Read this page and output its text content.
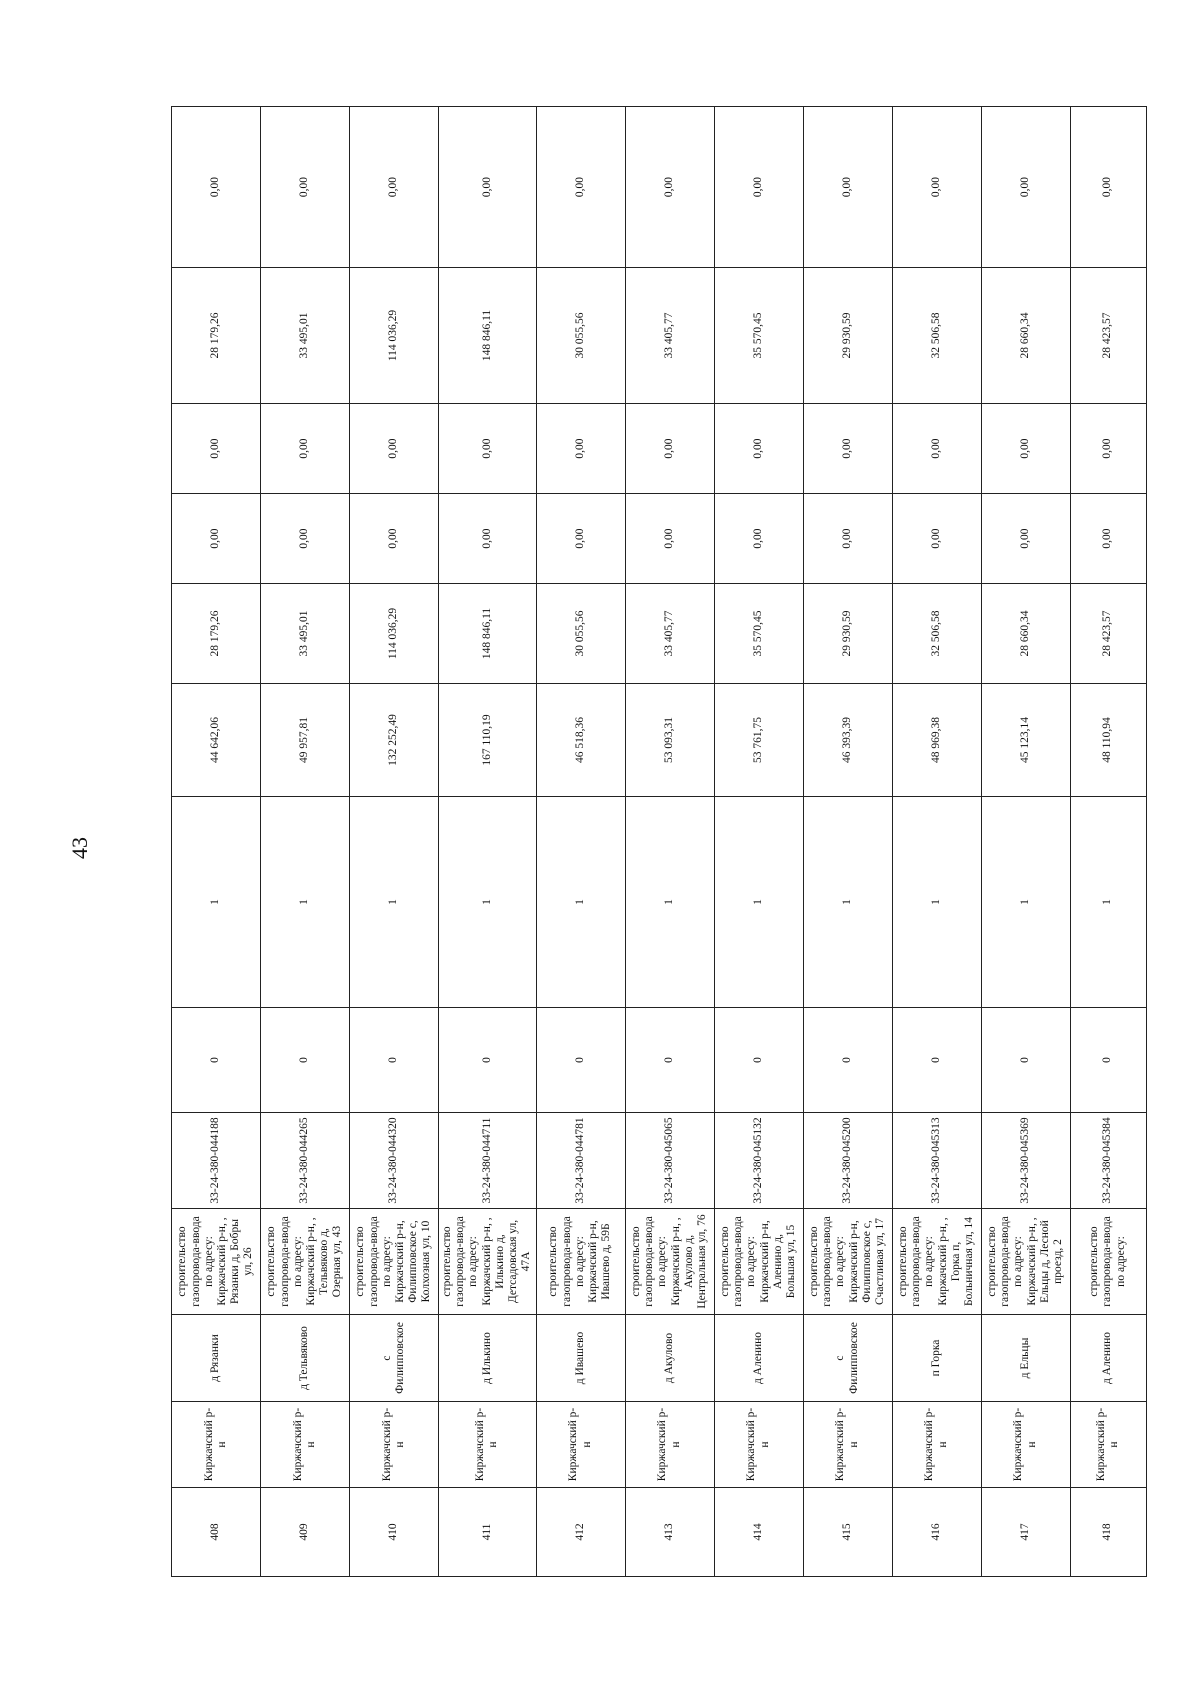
43
408	Киржачский р-н	д Рязанки	строительство газопровода-ввода по адресу: Киржачский р-н, , Рязанки д, Бобры ул, 26	33-24-380-044188	0	1	44 642,06	28 179,26	0,00	0,00	28 179,26	0,00
409	Киржачский р-н	д Тельвяково	строительство газопровода-ввода по адресу: Киржачский р-н, , Тельвяково д, Озерная ул, 43	33-24-380-044265	0	1	49 957,81	33 495,01	0,00	0,00	33 495,01	0,00
410	Киржачский р-н	с Филипповское	строительство газопровода-ввода по адресу: Киржачский р-н, Филипповское с, Колхозная ул, 10	33-24-380-044320	0	1	132 252,49	114 036,29	0,00	0,00	114 036,29	0,00
411	Киржачский р-н	д Илькино	строительство газопровода-ввода по адресу: Киржачский р-н, , Илькино д, Детсадовская ул, 47А	33-24-380-044711	0	1	167 110,19	148 846,11	0,00	0,00	148 846,11	0,00
412	Киржачский р-н	д Ивашево	строительство газопровода-ввода по адресу: Киржачский р-н, Ивашево д, 59Б	33-24-380-044781	0	1	46 518,36	30 055,56	0,00	0,00	30 055,56	0,00
413	Киржачский р-н	д Акулово	строительство газопровода-ввода по адресу: Киржачский р-н, , Акулово д, Центральная ул, 76	33-24-380-045065	0	1	53 093,31	33 405,77	0,00	0,00	33 405,77	0,00
414	Киржачский р-н	д Аленино	строительство газопровода-ввода по адресу: Киржачский р-н, Аленино д, Большая ул, 15	33-24-380-045132	0	1	53 761,75	35 570,45	0,00	0,00	35 570,45	0,00
415	Киржачский р-н	с Филипповское	строительство газопровода-ввода по адресу: Киржачский р-н, Филипповское с, Счастливая ул, 17	33-24-380-045200	0	1	46 393,39	29 930,59	0,00	0,00	29 930,59	0,00
416	Киржачский р-н	п Горка	строительство газопровода-ввода по адресу: Киржачский р-н, , Горка п, Больничная ул, 14	33-24-380-045313	0	1	48 969,38	32 506,58	0,00	0,00	32 506,58	0,00
417	Киржачский р-н	д Ельцы	строительство газопровода-ввода по адресу: Киржачский р-н, , Ельцы д, Лесной проезд, 2	33-24-380-045369	0	1	45 123,14	28 660,34	0,00	0,00	28 660,34	0,00
418	Киржачский р-н	д Аленино	строительство газопровода-ввода по адресу:	33-24-380-045384	0	1	48 110,94	28 423,57	0,00	0,00	28 423,57	0,00
